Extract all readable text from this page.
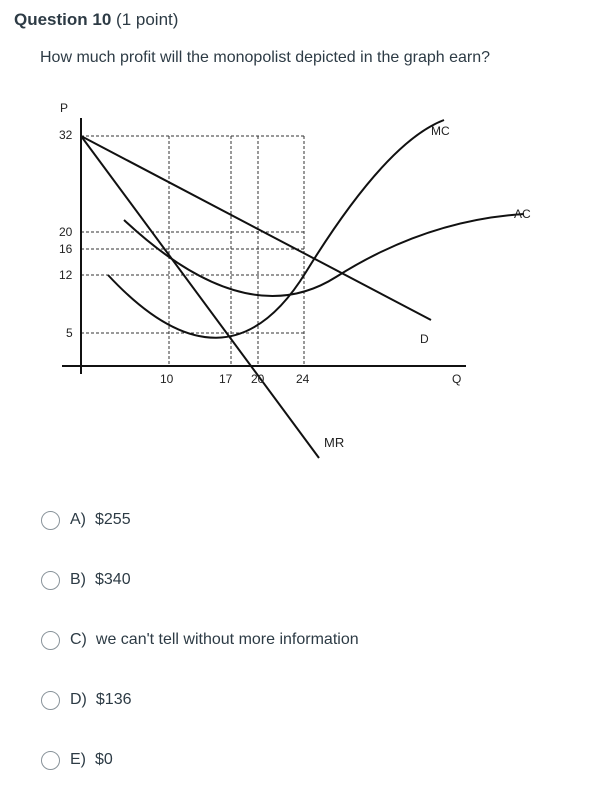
Question 10 (1 point)
How much profit will the monopolist depicted in the graph earn?
P
Q
32
20
16
12
5
10	17 20	24
MC
AC
D
MR
A) $255
B) $340
C) we can't tell without more information
D) $136
E) $0
